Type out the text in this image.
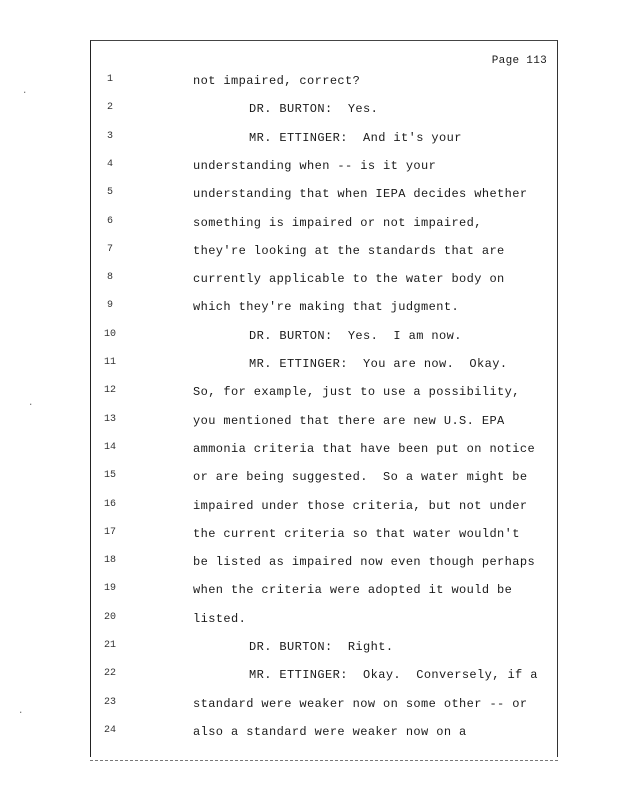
Page 113
1	not impaired, correct?
2	DR. BURTON:  Yes.
3	MR. ETTINGER:  And it's your
4	understanding when -- is it your
5	understanding that when IEPA decides whether
6	something is impaired or not impaired,
7	they're looking at the standards that are
8	currently applicable to the water body on
9	which they're making that judgment.
10	DR. BURTON:  Yes.  I am now.
11	MR. ETTINGER:  You are now.  Okay.
12	So, for example, just to use a possibility,
13	you mentioned that there are new U.S. EPA
14	ammonia criteria that have been put on notice
15	or are being suggested.  So a water might be
16	impaired under those criteria, but not under
17	the current criteria so that water wouldn't
18	be listed as impaired now even though perhaps
19	when the criteria were adopted it would be
20	listed.
21	DR. BURTON:  Right.
22	MR. ETTINGER:  Okay.  Conversely, if a
23	standard were weaker now on some other -- or
24	also a standard were weaker now on a
·
·
·
